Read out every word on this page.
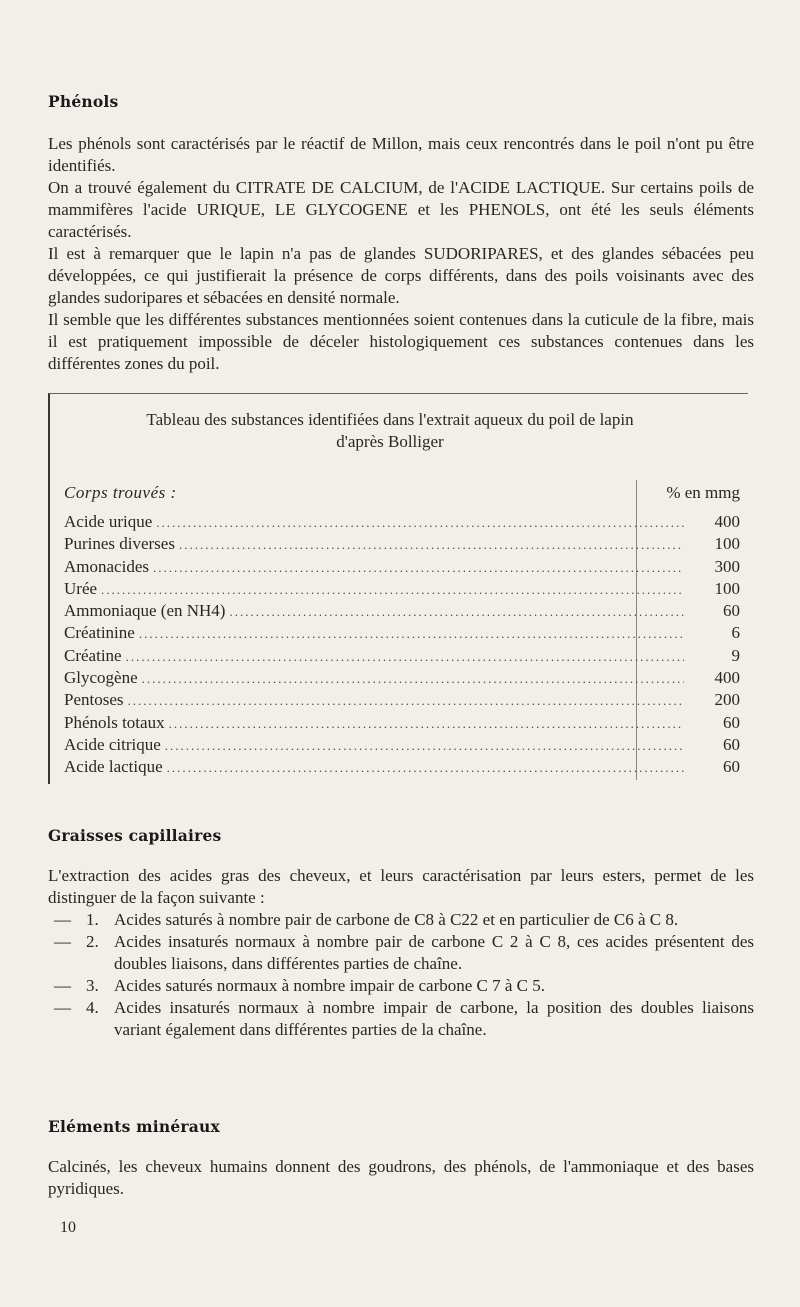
Phénols

Les phénols sont caractérisés par le réactif de Millon, mais ceux rencontrés dans le poil n'ont pu être identifiés.

On a trouvé également du CITRATE DE CALCIUM, de l'ACIDE LACTIQUE. Sur certains poils de mammifères l'acide URIQUE, LE GLYCOGENE et les PHENOLS, ont été les seuls éléments caractérisés.

Il est à remarquer que le lapin n'a pas de glandes SUDORIPARES, et des glandes sébacées peu développées, ce qui justifierait la présence de corps différents, dans des poils voisinants avec des glandes sudoripares et sébacées en densité normale.

Il semble que les différentes substances mentionnées soient contenues dans la cuticule de la fibre, mais il est pratiquement impossible de déceler histologiquement ces substances contenues dans les différentes zones du poil.

Tableau des substances identifiées dans l'extrait aqueux du poil de lapin
d'après Bolliger
Corps trouvés :	% en mmg
Acide urique .....	400
Purines diverses .....	100
Amonacides .....	300
Urée .....	100
Ammoniaque (en NH4) .....	60
Créatinine .....	6
Créatine .....	9
Glycogène .....	400
Pentoses .....	200
Phénols totaux .....	60
Acide citrique .....	60
Acide lactique .....	60
Graisses capillaires
L'extraction des acides gras des cheveux, et leurs caractérisation par leurs esters, permet de les distinguer de la façon suivante :
— 1. Acides saturés à nombre pair de carbone de C8 à C22 et en particulier de C6 à C 8.
— 2. Acides insaturés normaux à nombre pair de carbone C 2 à C 8, ces acides présentent des doubles liaisons, dans différentes parties de chaîne.
— 3. Acides saturés normaux à nombre impair de carbone C 7 à C 5.
— 4. Acides insaturés normaux à nombre impair de carbone, la position des doubles liaisons variant également dans différentes parties de la chaîne.
Eléments minéraux
Calcinés, les cheveux humains donnent des goudrons, des phénols, de l'ammoniaque et des bases pyridiques.
10
